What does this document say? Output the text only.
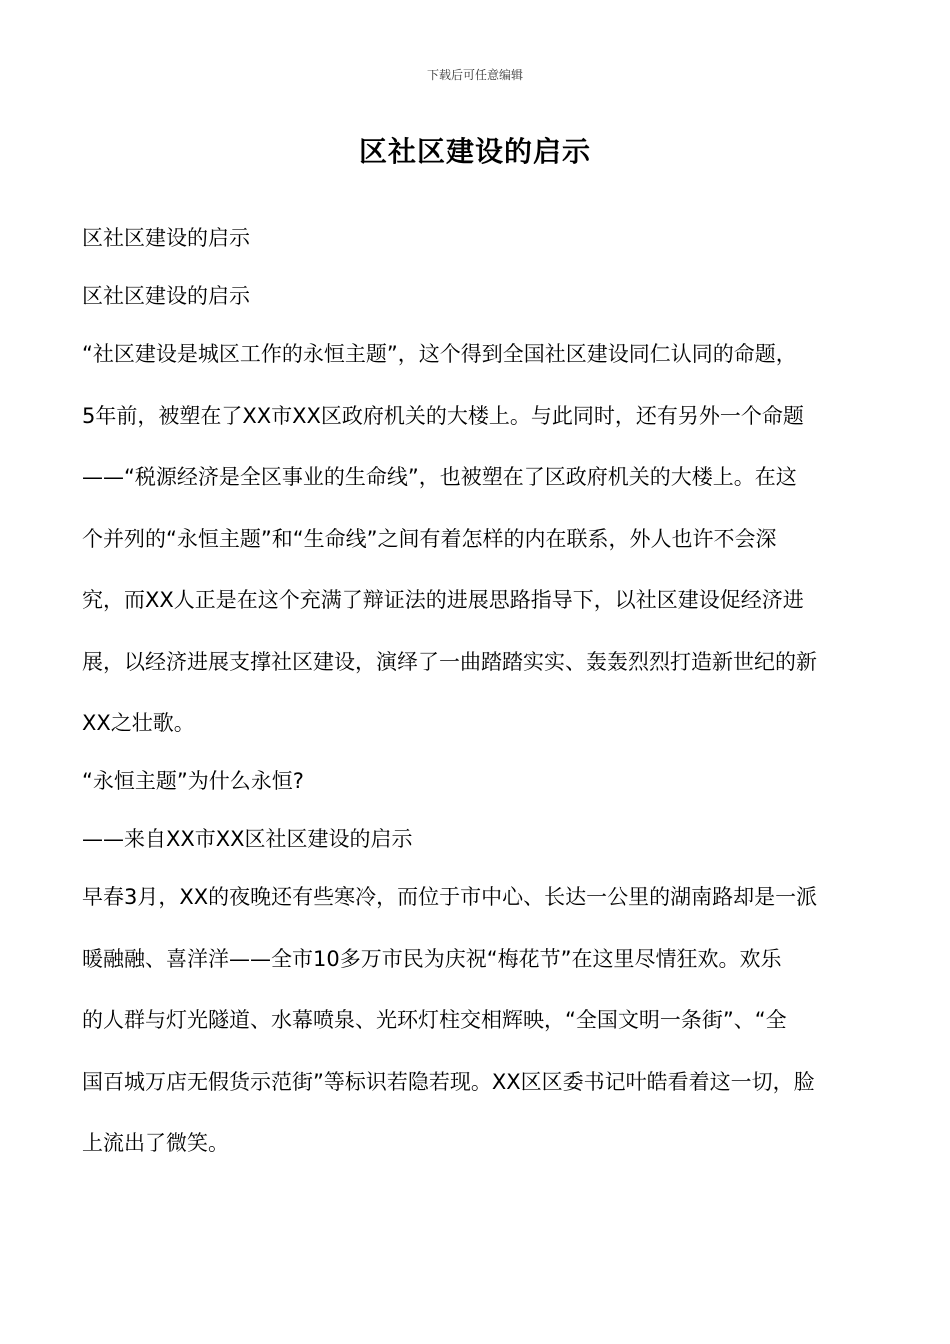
下载后可任意编辑
区社区建设的启示

区社区建设的启示

区社区建设的启示

“社区建设是城区工作的永恒主题”，这个得到全国社区建设同仁认同的命题，

5年前，被塑在了XX市XX区政府机关的大楼上。与此同时，还有另外一个命题

——“税源经济是全区事业的生命线”，也被塑在了区政府机关的大楼上。在这

个并列的“永恒主题”和“生命线”之间有着怎样的内在联系，外人也许不会深

究，而XX人正是在这个充满了辩证法的进展思路指导下，以社区建设促经济进

展，以经济进展支撑社区建设，演绎了一曲踏踏实实、轰轰烈烈打造新世纪的新

XX之壮歌。

“永恒主题”为什么永恒?

——来自XX市XX区社区建设的启示

早春3月，XX的夜晚还有些寒冷，而位于市中心、长达一公里的湖南路却是一派

暖融融、喜洋洋——全市10多万市民为庆祝“梅花节”在这里尽情狂欢。欢乐

的人群与灯光隧道、水幕喷泉、光环灯柱交相辉映，“全国文明一条街”、“全

国百城万店无假货示范街”等标识若隐若现。XX区区委书记叶皓看着这一切，脸

上流出了微笑。
